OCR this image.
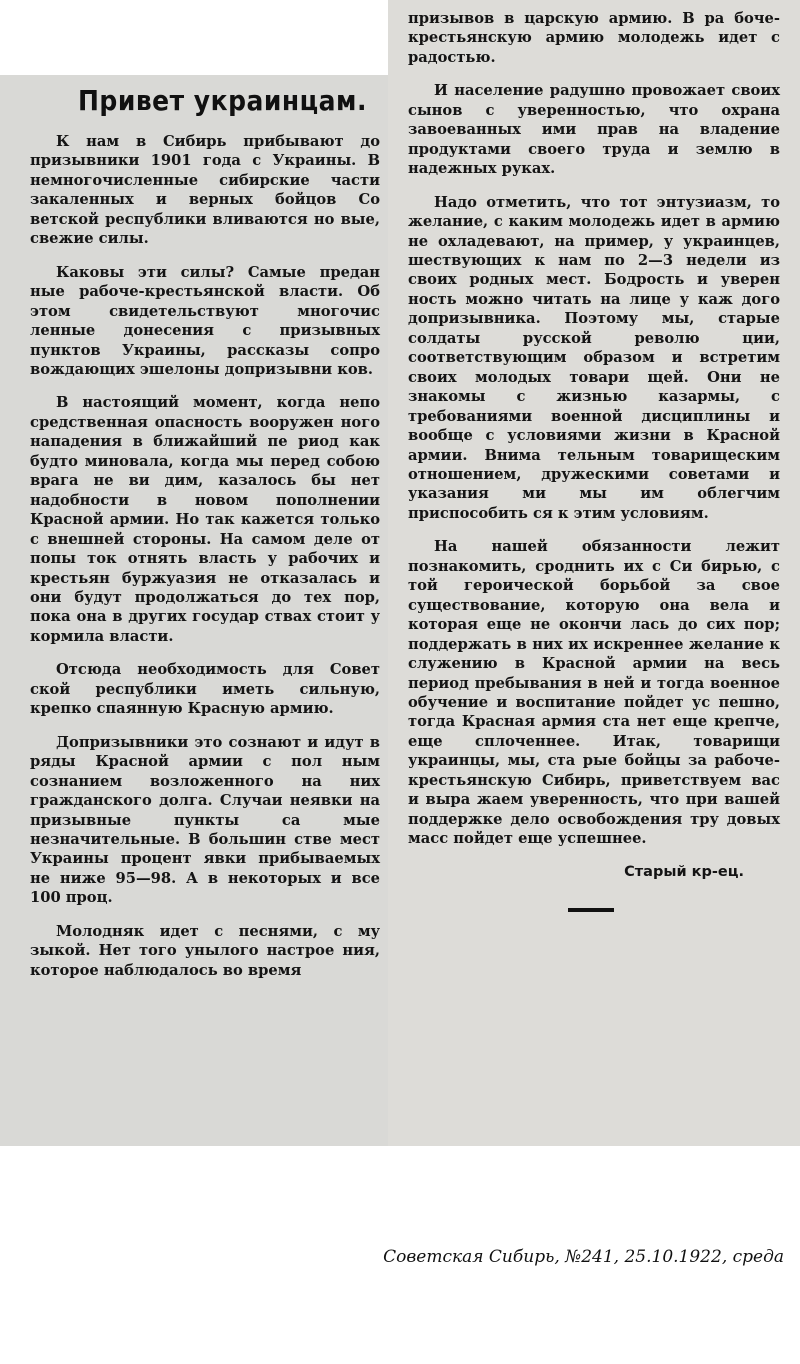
Привет украинцам.

К нам в Сибирь прибывают до призывники 1901 года с Украины. В немногочисленные сибирские части закаленных и верных бойцов Со ветской республики вливаются но вые, свежие силы.

Каковы эти силы? Самые предан ные рабоче-крестьянской власти. Об этом свидетельствуют многочис ленные донесения с призывных пунктов Украины, рассказы сопро вождающих эшелоны допризывни ков.

В настоящий момент, когда непо средственная опасность вооружен ного нападения в ближайший пе риод как будто миновала, когда мы перед собою врага не ви дим, казалось бы нет надобности в новом пополнении Красной армии. Но так кажется только с внешней стороны. На самом деле от попы ток отнять власть у рабочих и крестьян буржуазия не отказалась и они будут продолжаться до тех пор, пока она в других государ ствах стоит у кормила власти.

Отсюда необходимость для Совет ской республики иметь сильную, крепко спаянную Красную армию.

Допризывники это сознают и идут в ряды Красной армии с пол ным сознанием возложенного на них гражданского долга. Случаи неявки на призывные пункты са мые незначительные. В большин стве мест Украины процент явки прибываемых не ниже 95—98. А в некоторых и все 100 проц.

Молодняк идет с песнями, с му зыкой. Нет того унылого настрое ния, которое наблюдалось во время

призывов в царскую армию. В ра боче-крестьянскую армию молодежь идет с радостью.

И население радушно провожает своих сынов с уверенностью, что охрана завоеванных ими прав на владение продуктами своего труда и землю в надежных руках.

Надо отметить, что тот энтузиазм, то желание, с каким молодежь идет в армию не охладевают, на пример, у украинцев, шествующих к нам по 2—3 недели из своих родных мест. Бодрость и уверен ность можно читать на лице у каж дого допризывника. Поэтому мы, старые солдаты русской револю ции, соответствующим образом и встретим своих молодых товари щей. Они не знакомы с жизнью казармы, с требованиями военной дисциплины и вообще с условиями жизни в Красной армии. Внима тельным товарищеским отношением, дружескими советами и указания ми мы им облегчим приспособить ся к этим условиям.

На нашей обязанности лежит познакомить, сроднить их с Си бирью, с той героической борьбой за свое существование, которую она вела и которая еще не окончи лась до сих пор; поддержать в них их искреннее желание к служению в Красной армии на весь период пребывания в ней и тогда военное обучение и воспитание пойдет ус пешно, тогда Красная армия ста нет еще крепче, еще сплоченнее. Итак, товарищи украинцы, мы, ста рые бойцы за рабоче-крестьянскую Сибирь, приветствуем вас и выра жаем уверенность, что при вашей поддержке дело освобождения тру довых масс пойдет еще успешнее.

Старый кр-ец.
Советская Сибирь, №241, 25.10.1922, среда
